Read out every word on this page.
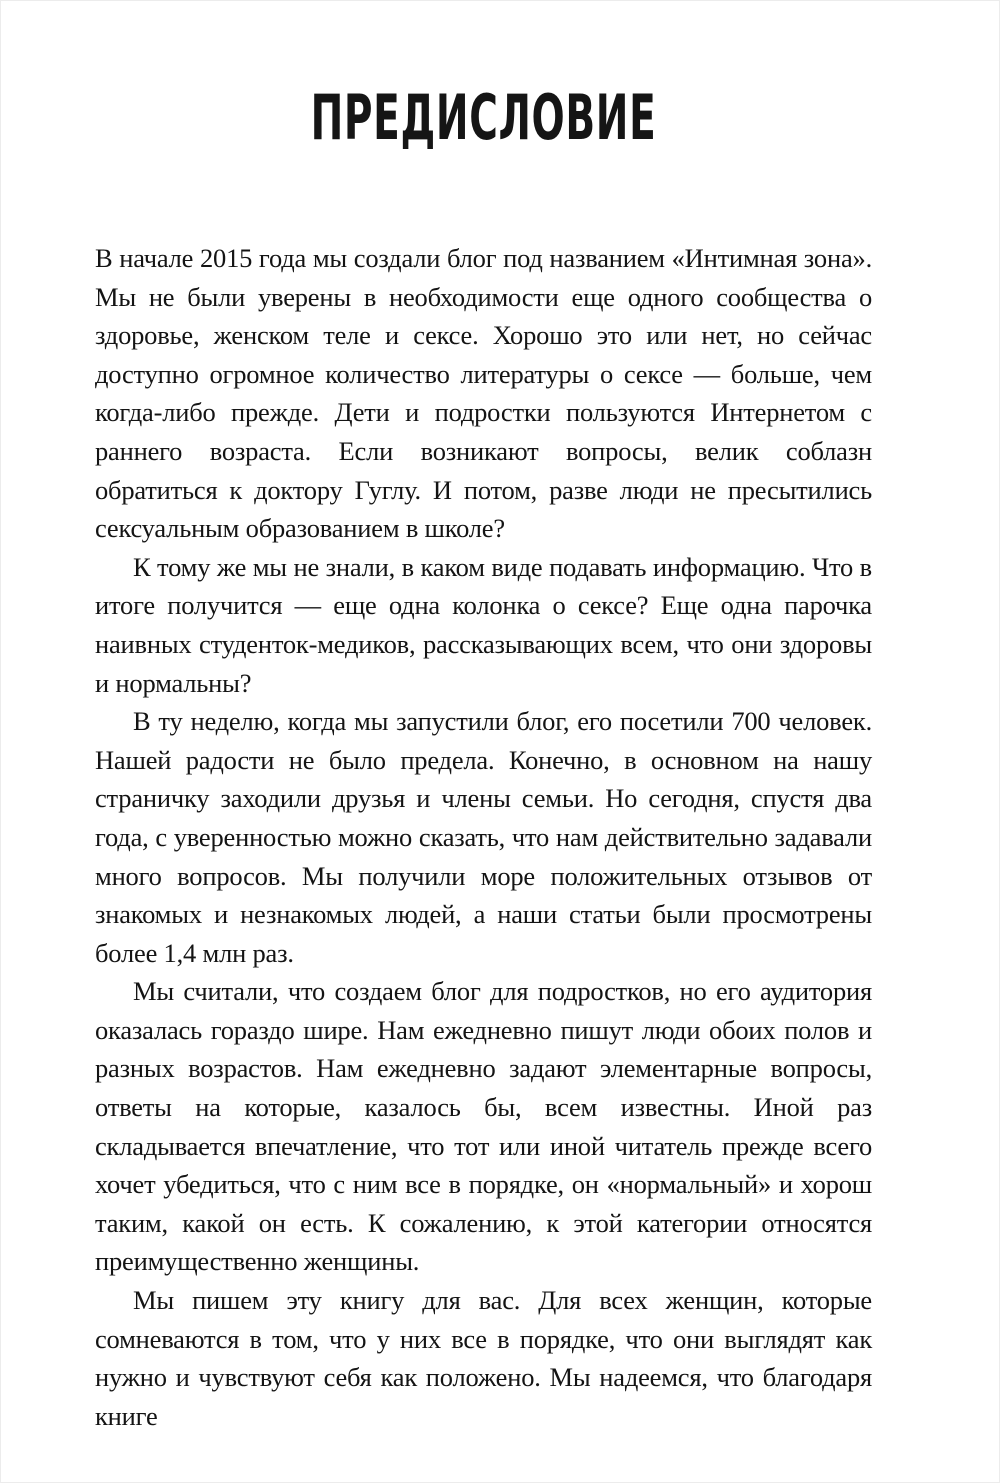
ПРЕДИСЛОВИЕ

В начале 2015 года мы создали блог под названием «Интимная зона». Мы не были уверены в необходимости еще одного сообщества о здоровье, женском теле и сексе. Хорошо это или нет, но сейчас доступно огромное количество литературы о сексе — больше, чем когда-либо прежде. Дети и подростки пользуются Интернетом с раннего возраста. Если возникают вопросы, велик соблазн обратиться к доктору Гуглу. И потом, разве люди не пресытились сексуальным образованием в школе?

К тому же мы не знали, в каком виде подавать информацию. Что в итоге получится — еще одна колонка о сексе? Еще одна парочка наивных студенток-медиков, рассказывающих всем, что они здоровы и нормальны?

В ту неделю, когда мы запустили блог, его посетили 700 человек. Нашей радости не было предела. Конечно, в основном на нашу страничку заходили друзья и члены семьи. Но сегодня, спустя два года, с уверенностью можно сказать, что нам действительно задавали много вопросов. Мы получили море положительных отзывов от знакомых и незнакомых людей, а наши статьи были просмотрены более 1,4 млн раз.

Мы считали, что создаем блог для подростков, но его аудитория оказалась гораздо шире. Нам ежедневно пишут люди обоих полов и разных возрастов. Нам ежедневно задают элементарные вопросы, ответы на которые, казалось бы, всем известны. Иной раз складывается впечатление, что тот или иной читатель прежде всего хочет убедиться, что с ним все в порядке, он «нормальный» и хорош таким, какой он есть. К сожалению, к этой категории относятся преимущественно женщины.

Мы пишем эту книгу для вас. Для всех женщин, которые сомневаются в том, что у них все в порядке, что они выглядят как нужно и чувствуют себя как положено. Мы надеемся, что благодаря книге
